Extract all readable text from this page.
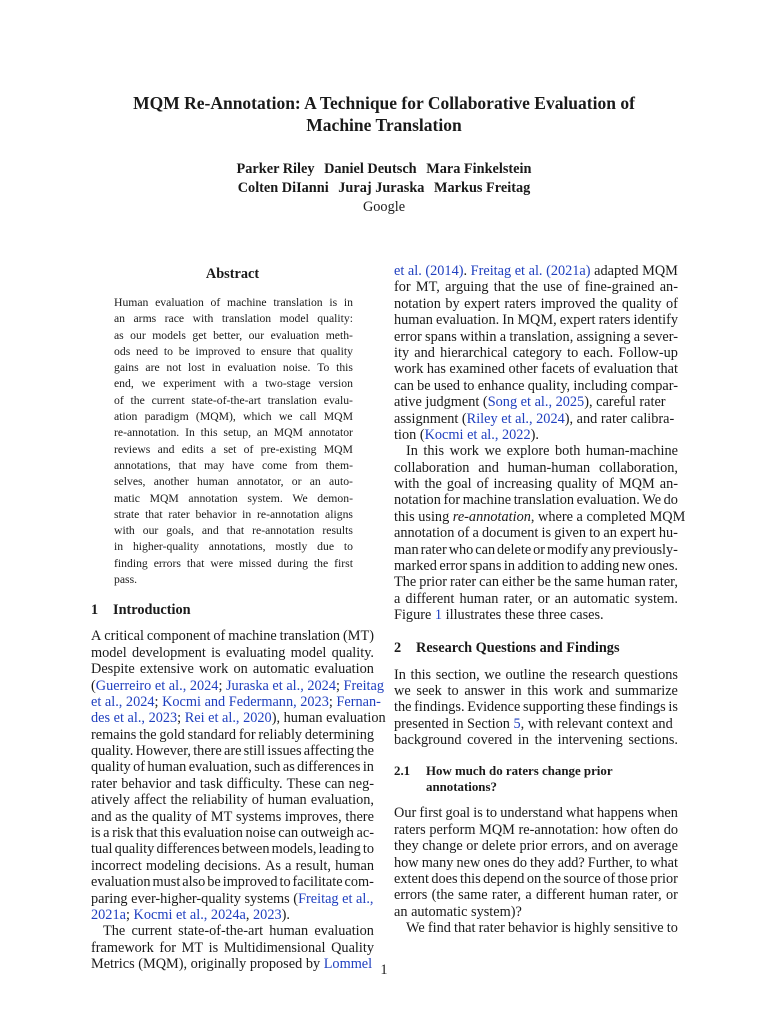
MQM Re-Annotation: A Technique for Collaborative Evaluation of
Machine Translation
Parker Riley Daniel Deutsch Mara Finkelstein
Colten DiIanni Juraj Juraska Markus Freitag
Google
Abstract
Human evaluation of machine translation is in
an arms race with translation model quality:
as our models get better, our evaluation meth-
ods need to be improved to ensure that quality
gains are not lost in evaluation noise. To this
end, we experiment with a two-stage version
of the current state-of-the-art translation evalu-
ation paradigm (MQM), which we call MQM
re-annotation. In this setup, an MQM annotator
reviews and edits a set of pre-existing MQM
annotations, that may have come from them-
selves, another human annotator, or an auto-
matic MQM annotation system. We demon-
strate that rater behavior in re-annotation aligns
with our goals, and that re-annotation results
in higher-quality annotations, mostly due to
finding errors that were missed during the first
pass.
1 Introduction
A critical component of machine translation (MT)
model development is evaluating model quality.
Despite extensive work on automatic evaluation
(Guerreiro et al., 2024; Juraska et al., 2024; Freitag
et al., 2024; Kocmi and Federmann, 2023; Fernan-
des et al., 2023; Rei et al., 2020), human evaluation
remains the gold standard for reliably determining
quality. However, there are still issues affecting the
quality of human evaluation, such as differences in
rater behavior and task difficulty. These can neg-
atively affect the reliability of human evaluation,
and as the quality of MT systems improves, there
is a risk that this evaluation noise can outweigh ac-
tual quality differences between models, leading to
incorrect modeling decisions. As a result, human
evaluation must also be improved to facilitate com-
paring ever-higher-quality systems (Freitag et al.,
2021a; Kocmi et al., 2024a, 2023).
The current state-of-the-art human evaluation
framework for MT is Multidimensional Quality
Metrics (MQM), originally proposed by Lommel
et al. (2014). Freitag et al. (2021a) adapted MQM
for MT, arguing that the use of fine-grained an-
notation by expert raters improved the quality of
human evaluation. In MQM, expert raters identify
error spans within a translation, assigning a sever-
ity and hierarchical category to each. Follow-up
work has examined other facets of evaluation that
can be used to enhance quality, including compar-
ative judgment (Song et al., 2025), careful rater
assignment (Riley et al., 2024), and rater calibra-
tion (Kocmi et al., 2022).
In this work we explore both human-machine
collaboration and human-human collaboration,
with the goal of increasing quality of MQM an-
notation for machine translation evaluation. We do
this using re-annotation, where a completed MQM
annotation of a document is given to an expert hu-
man rater who can delete or modify any previously-
marked error spans in addition to adding new ones.
The prior rater can either be the same human rater,
a different human rater, or an automatic system.
Figure 1 illustrates these three cases.
2 Research Questions and Findings
In this section, we outline the research questions
we seek to answer in this work and summarize
the findings. Evidence supporting these findings is
presented in Section 5, with relevant context and
background covered in the intervening sections.
2.1 How much do raters change prior
annotations?
Our first goal is to understand what happens when
raters perform MQM re-annotation: how often do
they change or delete prior errors, and on average
how many new ones do they add? Further, to what
extent does this depend on the source of those prior
errors (the same rater, a different human rater, or
an automatic system)?
We find that rater behavior is highly sensitive to
1
